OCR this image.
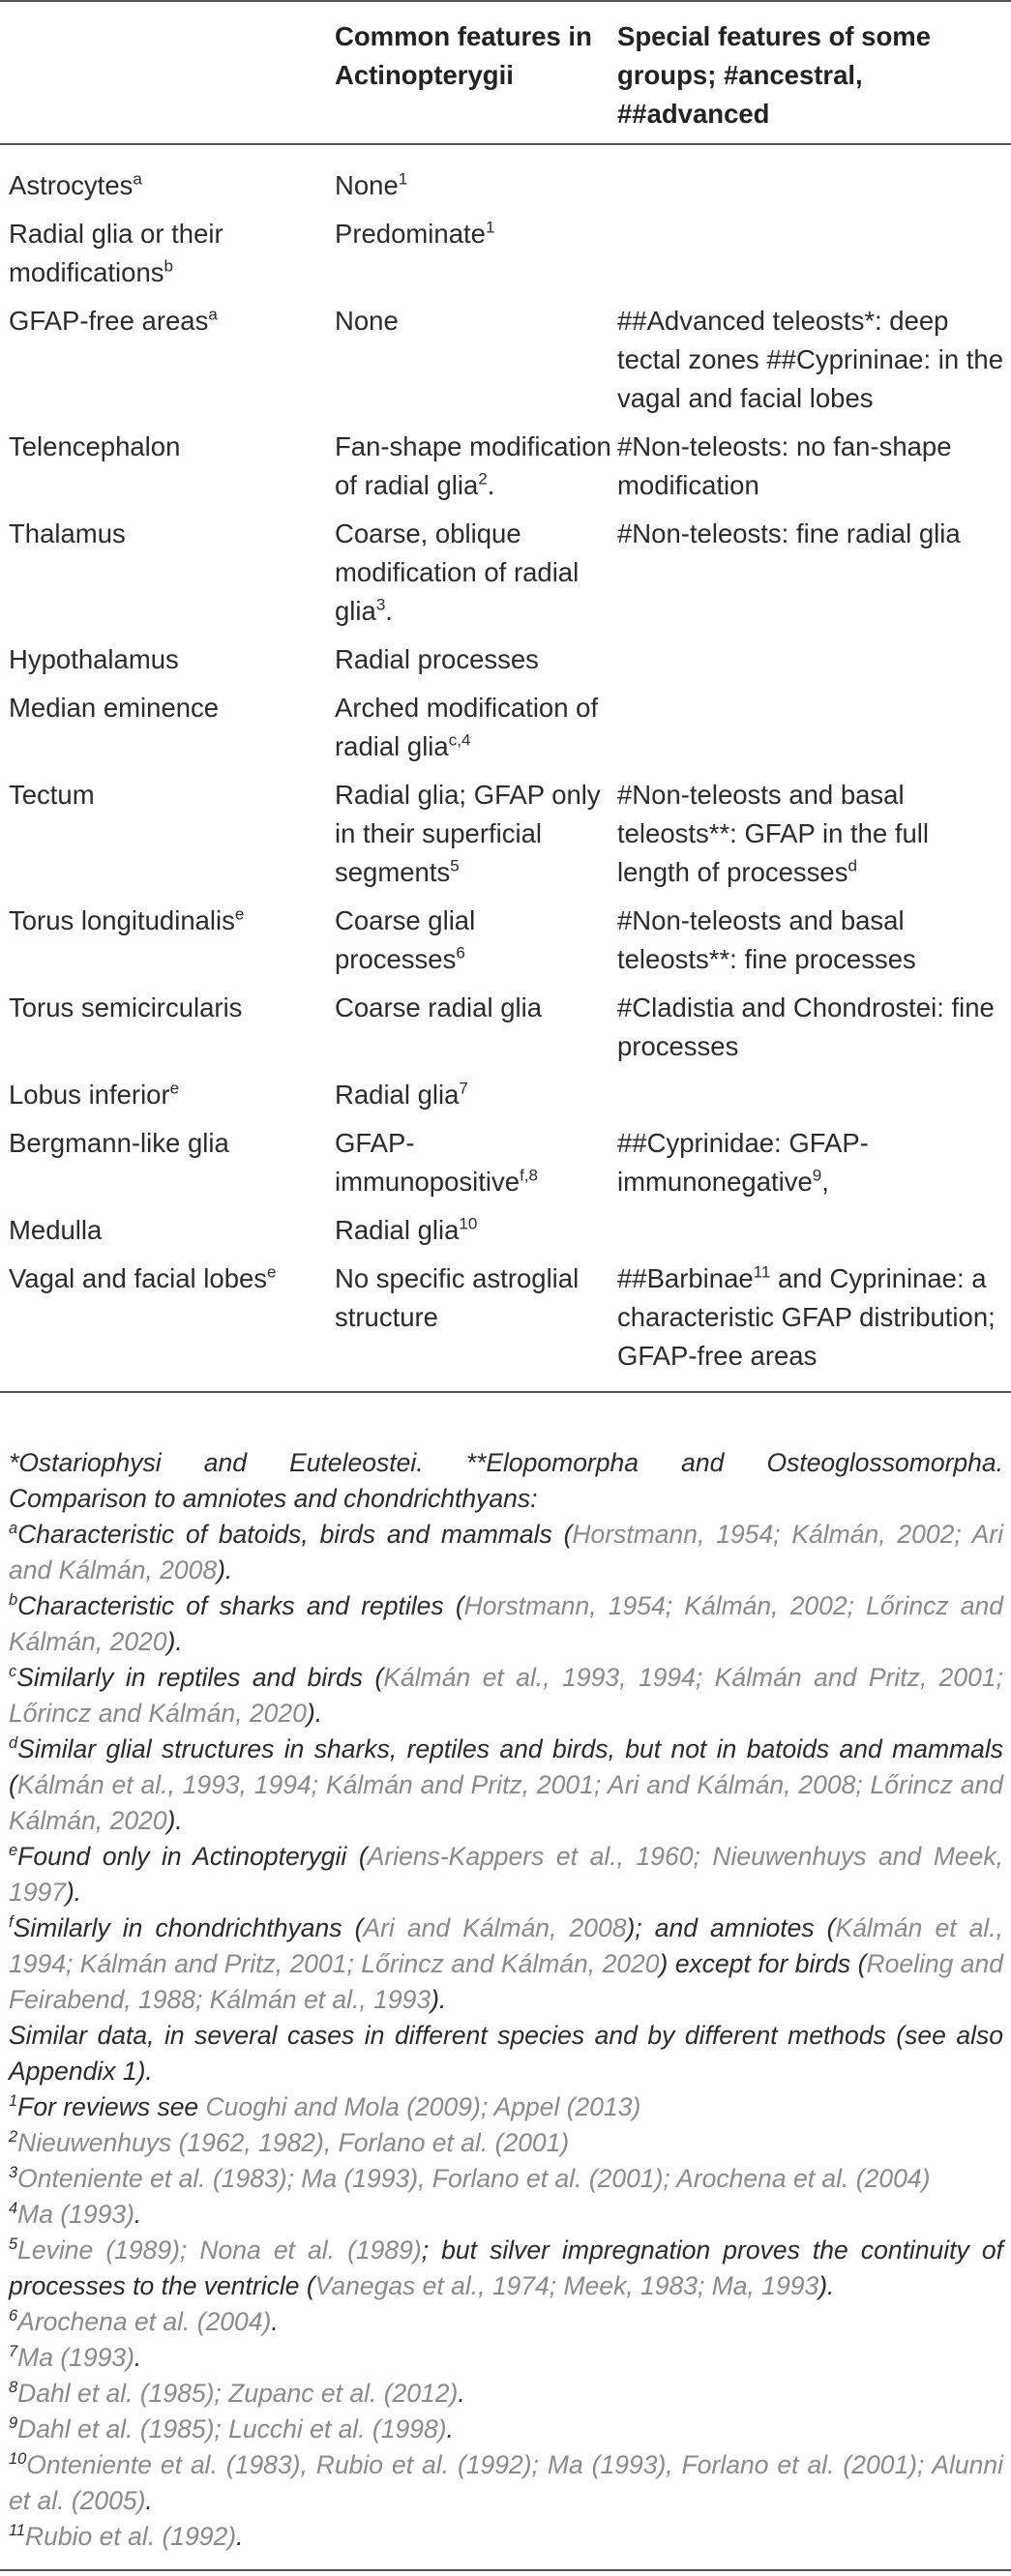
	Common features in Actinopterygii	Special features of some groups; #ancestral, ##advanced
Astrocytes$^a$	None$^1$	
Radial glia or their modifications$^b$	Predominate$^1$	
GFAP-free areas$^a$	None	##Advanced teleosts*: deep tectal zones ##Cyprininae: in the vagal and facial lobes
Telencephalon	Fan-shape modification of radial glia$^2$.	#Non-teleosts: no fan-shape modification
Thalamus	Coarse, oblique modification of radial glia$^3$.	#Non-teleosts: fine radial glia
Hypothalamus	Radial processes	
Median eminence	Arched modification of radial glia$^{c,4}$	
Tectum	Radial glia; GFAP only in their superficial segments$^5$	#Non-teleosts and basal teleosts**: GFAP in the full length of processes$^d$
Torus longitudinalis$^e$	Coarse glial processes$^6$	#Non-teleosts and basal teleosts**: fine processes
Torus semicircularis	Coarse radial glia	#Cladistia and Chondrostei: fine processes
Lobus inferior$^e$	Radial glia$^7$	
Bergmann-like glia	GFAP-immunopositive$^{f,8}$	##Cyprinidae: GFAP-immunonegative$^9$,
Medulla	Radial glia$^{10}$	
Vagal and facial lobes$^e$	No specific astroglial structure	##Barbinae$^{11}$ and Cyprininae: a characteristic GFAP distribution; GFAP-free areas

*Ostariophysi and Euteleostei. **Elopomorpha and Osteoglossomorpha.

Comparison to amniotes and chondrichthyans:

$^a$Characteristic of batoids, birds and mammals (Horstmann, 1954; Kálmán, 2002; Ari and Kálmán, 2008).

$^b$Characteristic of sharks and reptiles (Horstmann, 1954; Kálmán, 2002; Lőrincz and Kálmán, 2020).

$^c$Similarly in reptiles and birds (Kálmán et al., 1993, 1994; Kálmán and Pritz, 2001; Lőrincz and Kálmán, 2020).

$^d$Similar glial structures in sharks, reptiles and birds, but not in batoids and mammals (Kálmán et al., 1993, 1994; Kálmán and Pritz, 2001; Ari and Kálmán, 2008; Lőrincz and Kálmán, 2020).

$^e$Found only in Actinopterygii (Ariens-Kappers et al., 1960; Nieuwenhuys and Meek, 1997).

$^f$Similarly in chondrichthyans (Ari and Kálmán, 2008); and amniotes (Kálmán et al., 1994; Kálmán and Pritz, 2001; Lőrincz and Kálmán, 2020) except for birds (Roeling and Feirabend, 1988; Kálmán et al., 1993).

Similar data, in several cases in different species and by different methods (see also Appendix 1).

$^1$For reviews see Cuoghi and Mola (2009); Appel (2013)

$^2$Nieuwenhuys (1962, 1982), Forlano et al. (2001)

$^3$Onteniente et al. (1983); Ma (1993), Forlano et al. (2001); Arochena et al. (2004)

$^4$Ma (1993).

$^5$Levine (1989); Nona et al. (1989); but silver impregnation proves the continuity of processes to the ventricle (Vanegas et al., 1974; Meek, 1983; Ma, 1993).

$^6$Arochena et al. (2004).

$^7$Ma (1993).

$^8$Dahl et al. (1985); Zupanc et al. (2012).

$^9$Dahl et al. (1985); Lucchi et al. (1998).

$^{10}$Onteniente et al. (1983), Rubio et al. (1992); Ma (1993), Forlano et al. (2001); Alunni et al. (2005).

$^{11}$Rubio et al. (1992).
